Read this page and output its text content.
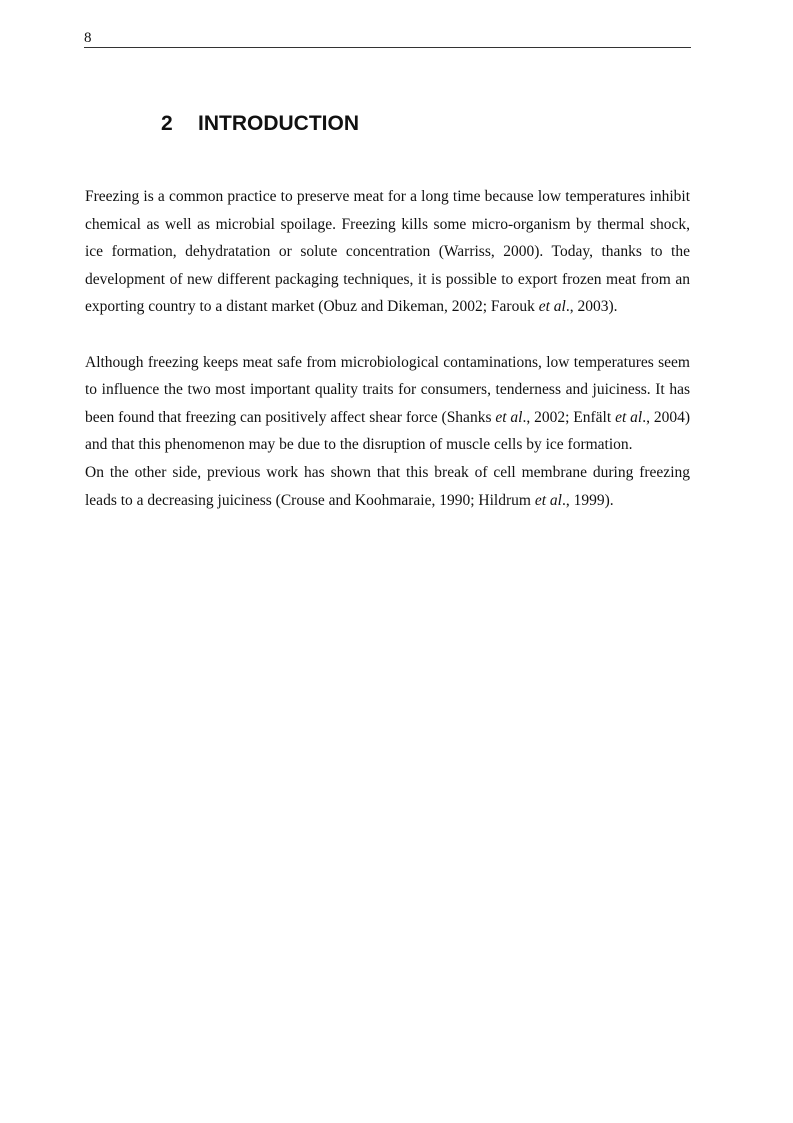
8
2 INTRODUCTION

Freezing is a common practice to preserve meat for a long time because low temperatures inhibit chemical as well as microbial spoilage. Freezing kills some micro-organism by thermal shock, ice formation, dehydratation or solute concentration (Warriss, 2000). Today, thanks to the development of new different packaging techniques, it is possible to export frozen meat from an exporting country to a distant market (Obuz and Dikeman, 2002; Farouk et al., 2003).

Although freezing keeps meat safe from microbiological contaminations, low temperatures seem to influence the two most important quality traits for consumers, tenderness and juiciness. It has been found that freezing can positively affect shear force (Shanks et al., 2002; Enfält et al., 2004) and that this phenomenon may be due to the disruption of muscle cells by ice formation.

On the other side, previous work has shown that this break of cell membrane during freezing leads to a decreasing juiciness (Crouse and Koohmaraie, 1990; Hildrum et al., 1999).
